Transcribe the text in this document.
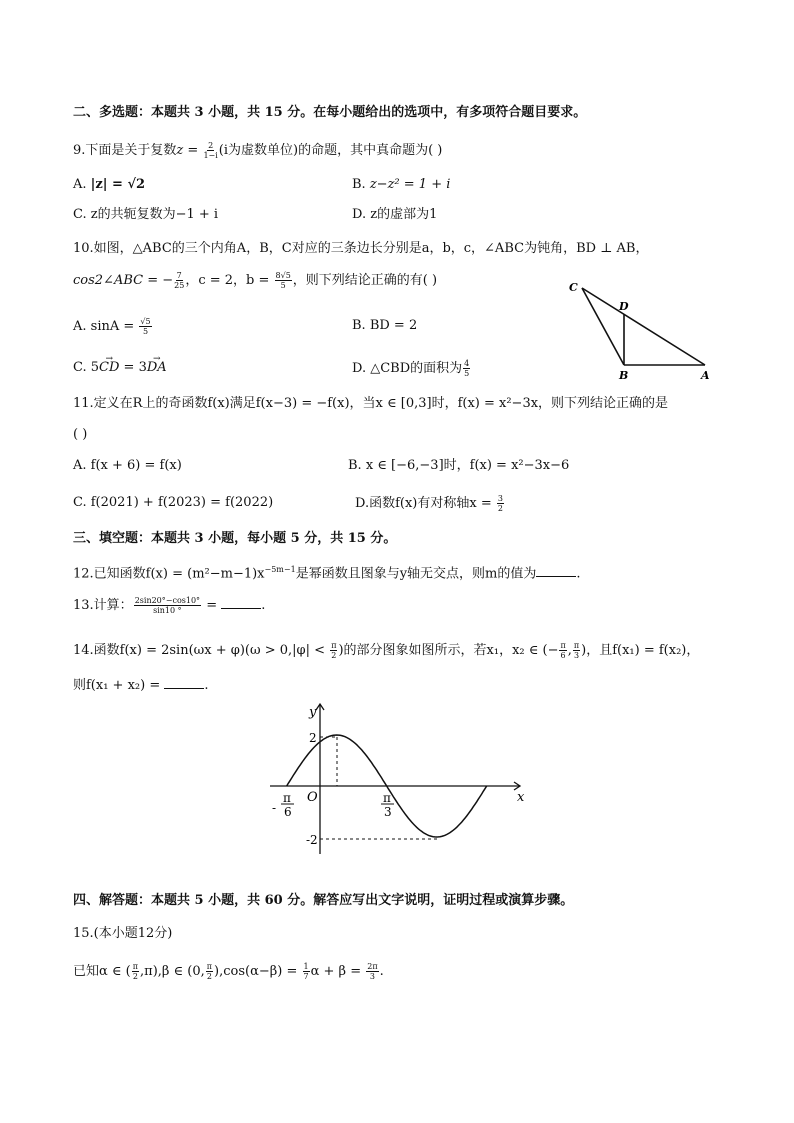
二、多选题：本题共 3 小题，共 15 分。在每小题给出的选项中，有多项符合题目要求。
9.下面是关于复数$z = \frac{2}{1-i} (i$为虚数单位)的命题，其中真命题为( )
A. |z| = √2	B. z−z² = 1 + i
C. z的共轭复数为−1 + i	D. z的虚部为1
10.如图，△ABC的三个内角A，B，C对应的三条边长分别是a，b，c，∠ABC为钝角，BD ⊥ AB，
cos2∠ABC = − $\frac{7}{25}$ ，c = 2，$b = \frac{8√5}{5}$ ，则下列结论正确的有( )
A. $\sin A = \frac{√5}{5}$	B. BD = 2
C. 5→ CD = 3→ DA	D. △CBD的面积为 $\frac{4}{5}$
C
D
B	A
11.定义在R上的奇函数f(x)满足f(x−3) = −f(x)，当x ∈ [0,3]时，f(x) = x²−3x，则下列结论正确的是
( )
A. f(x + 6) = f(x)	B. x ∈ [−6,−3]时，f(x) = x²−3x−6
C. f(2021) + f(2023) = f(2022)	D.函数f(x)有对称轴$x = \frac{3}{2}$
三、填空题：本题共 3 小题，每小题 5 分，共 15 分。
12.已知函数$f(x) = (m^2-m-1)x^{-5m-1}$是幂函数且图象与y轴无交点，则m的值为	.
13.计算： $\frac{2\sin 20^\circ-\cos 10^\circ}{\sin 10 ^\circ}$ =	.
14.函数$f(x) = 2\sin(\omega x + \varphi)(\omega > 0,|\varphi| < \frac{\pi}{2}$ )的部分图象如图所示，若x₁，x₂ ∈ (− $\frac{\pi}{6}$ , $\frac{\pi}{3}$ )，且f(x₁) = f(x₂)，
则f(x₁ + x₂) =	.
y
x
O
2
-2
-
π
6
π
3
四、解答题：本题共 5 小题，共 60 分。解答应写出文字说明，证明过程或演算步骤。
15.(本小题12分)
已知α ∈ ( $\frac{\pi}{2} ,\pi),\beta$ ∈ (0, $\frac{\pi}{2} ),\cos(\alpha-\beta) = \frac{1}{7}$ $\alpha + \beta = \frac{2\pi}{3}$ .
